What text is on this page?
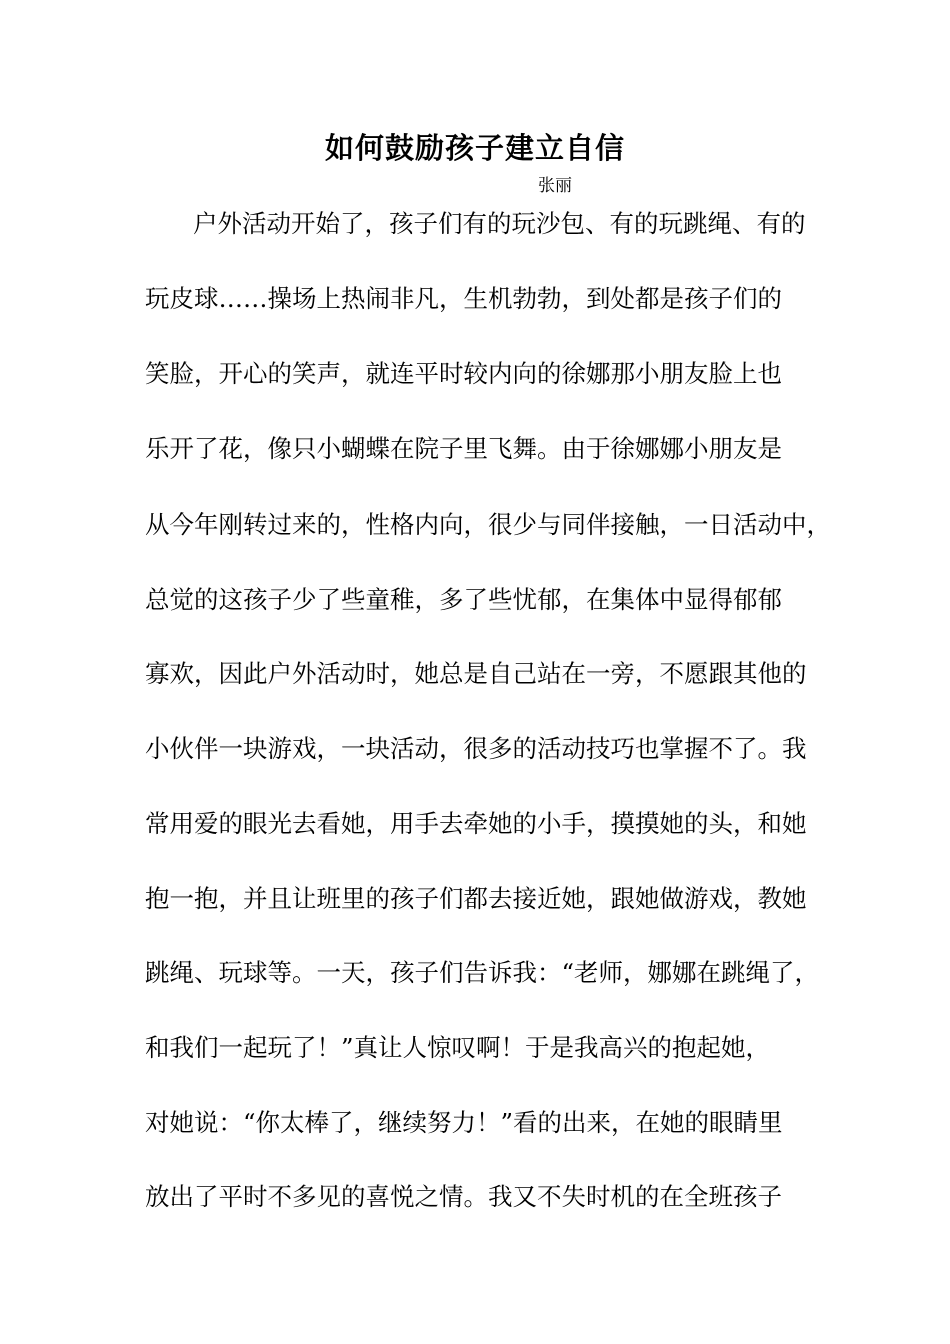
如何鼓励孩子建立自信
张丽
户外活动开始了，孩子们有的玩沙包、有的玩跳绳、有的
玩皮球……操场上热闹非凡，生机勃勃，到处都是孩子们的
笑脸，开心的笑声，就连平时较内向的徐娜那小朋友脸上也
乐开了花，像只小蝴蝶在院子里飞舞。由于徐娜娜小朋友是
从今年刚转过来的，性格内向，很少与同伴接触，一日活动中，
总觉的这孩子少了些童稚，多了些忧郁，在集体中显得郁郁
寡欢，因此户外活动时，她总是自己站在一旁，不愿跟其他的
小伙伴一块游戏，一块活动，很多的活动技巧也掌握不了。我
常用爱的眼光去看她，用手去牵她的小手，摸摸她的头，和她
抱一抱，并且让班里的孩子们都去接近她，跟她做游戏，教她
跳绳、玩球等。一天，孩子们告诉我：“老师，娜娜在跳绳了，
和我们一起玩了！”真让人惊叹啊！于是我高兴的抱起她，
对她说：“你太棒了，继续努力！”看的出来，在她的眼睛里
放出了平时不多见的喜悦之情。我又不失时机的在全班孩子
